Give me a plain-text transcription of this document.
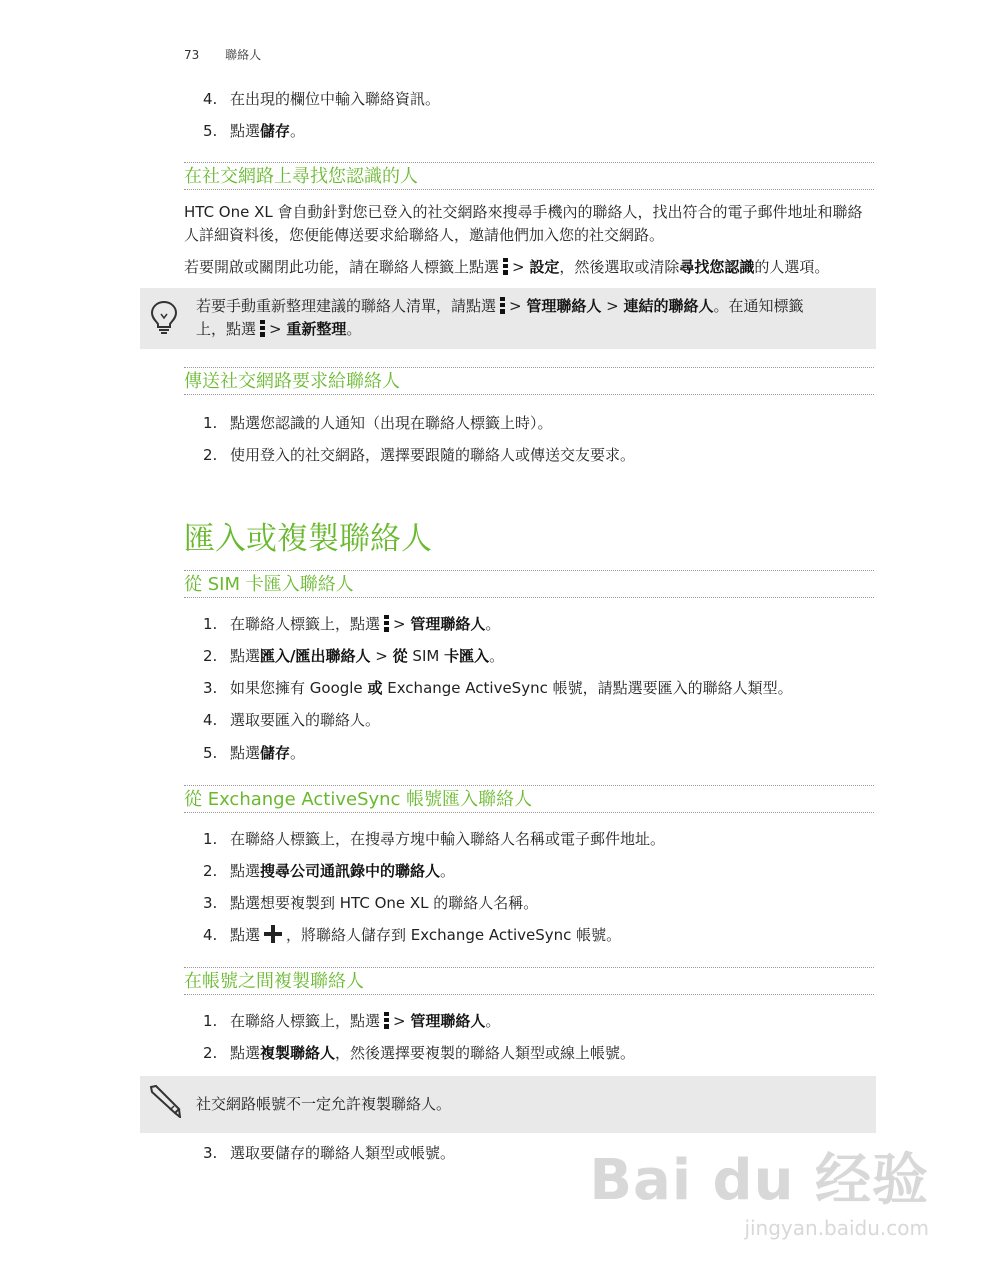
73 聯絡人
4. 在出現的欄位中輸入聯絡資訊。
5. 點選儲存。
在社交網路上尋找您認識的人
HTC One XL 會自動針對您已登入的社交網路來搜尋手機內的聯絡人，找出符合的電子郵件地址和聯絡人詳細資料後，您便能傳送要求給聯絡人，邀請他們加入您的社交網路。
若要開啟或關閉此功能，請在聯絡人標籤上點選 > 設定，然後選取或清除尋找您認識的人選項。
若要手動重新整理建議的聯絡人清單，請點選 > 管理聯絡人 > 連結的聯絡人。在通知標籤
上，點選 > 重新整理。
傳送社交網路要求給聯絡人
1. 點選您認識的人通知（出現在聯絡人標籤上時）。
2. 使用登入的社交網路，選擇要跟隨的聯絡人或傳送交友要求。
匯入或複製聯絡人
從 SIM 卡匯入聯絡人
1. 在聯絡人標籤上，點選 > 管理聯絡人。
2. 點選匯入/匯出聯絡人 > 從 SIM 卡匯入。
3. 如果您擁有 Google 或 Exchange ActiveSync 帳號，請點選要匯入的聯絡人類型。
4. 選取要匯入的聯絡人。
5. 點選儲存。
從 Exchange ActiveSync 帳號匯入聯絡人
1. 在聯絡人標籤上，在搜尋方塊中輸入聯絡人名稱或電子郵件地址。
2. 點選搜尋公司通訊錄中的聯絡人。
3. 點選想要複製到 HTC One XL 的聯絡人名稱。
4. 點選 ，將聯絡人儲存到 Exchange ActiveSync 帳號。
在帳號之間複製聯絡人
1. 在聯絡人標籤上，點選 > 管理聯絡人。
2. 點選複製聯絡人，然後選擇要複製的聯絡人類型或線上帳號。
社交網路帳號不一定允許複製聯絡人。
3. 選取要儲存的聯絡人類型或帳號。 Bai du 经验
jingyan.baidu.com
